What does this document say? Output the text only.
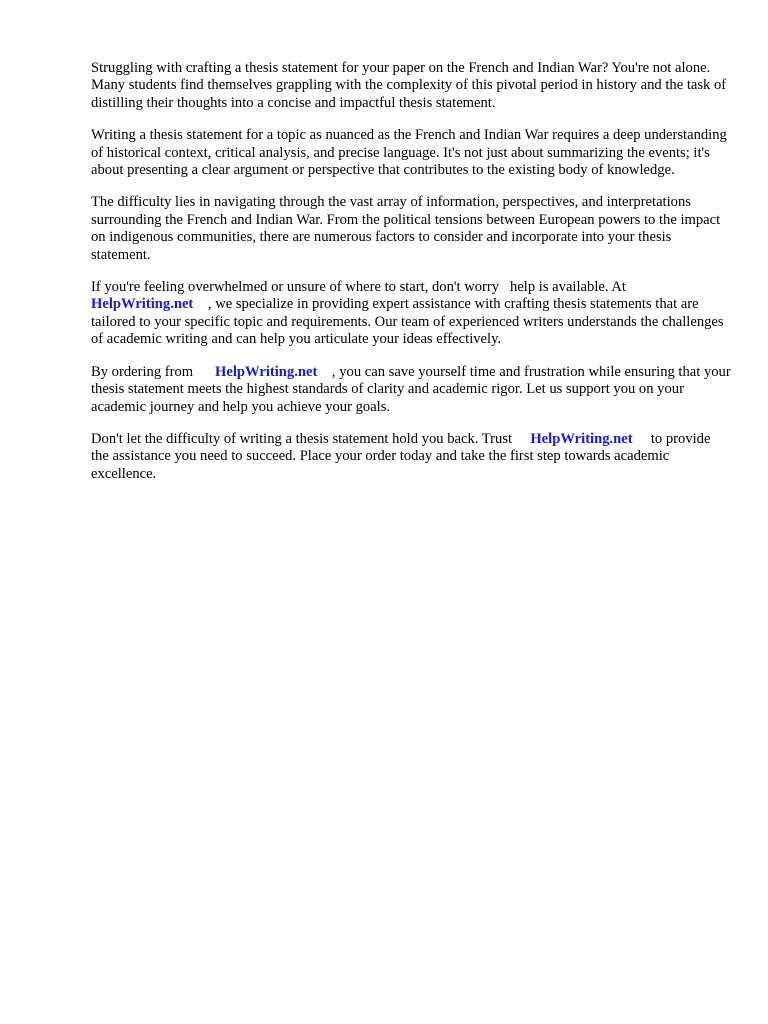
Struggling with crafting a thesis statement for your paper on the French and Indian War? You're not alone. Many students find themselves grappling with the complexity of this pivotal period in history and the task of distilling their thoughts into a concise and impactful thesis statement.

Writing a thesis statement for a topic as nuanced as the French and Indian War requires a deep understanding of historical context, critical analysis, and precise language. It's not just about summarizing the events; it's about presenting a clear argument or perspective that contributes to the existing body of knowledge.

The difficulty lies in navigating through the vast array of information, perspectives, and interpretations surrounding the French and Indian War. From the political tensions between European powers to the impact on indigenous communities, there are numerous factors to consider and incorporate into your thesis statement.

If you're feeling overwhelmed or unsure of where to start, don't worry   help is available. At
HelpWriting.net    , we specialize in providing expert assistance with crafting thesis statements that are tailored to your specific topic and requirements. Our team of experienced writers understands the challenges of academic writing and can help you articulate your ideas effectively.

By ordering from      HelpWriting.net    , you can save yourself time and frustration while ensuring that your thesis statement meets the highest standards of clarity and academic rigor. Let us support you on your academic journey and help you achieve your goals.

Don't let the difficulty of writing a thesis statement hold you back. Trust     HelpWriting.net     to provide the assistance you need to succeed. Place your order today and take the first step towards academic excellence.
